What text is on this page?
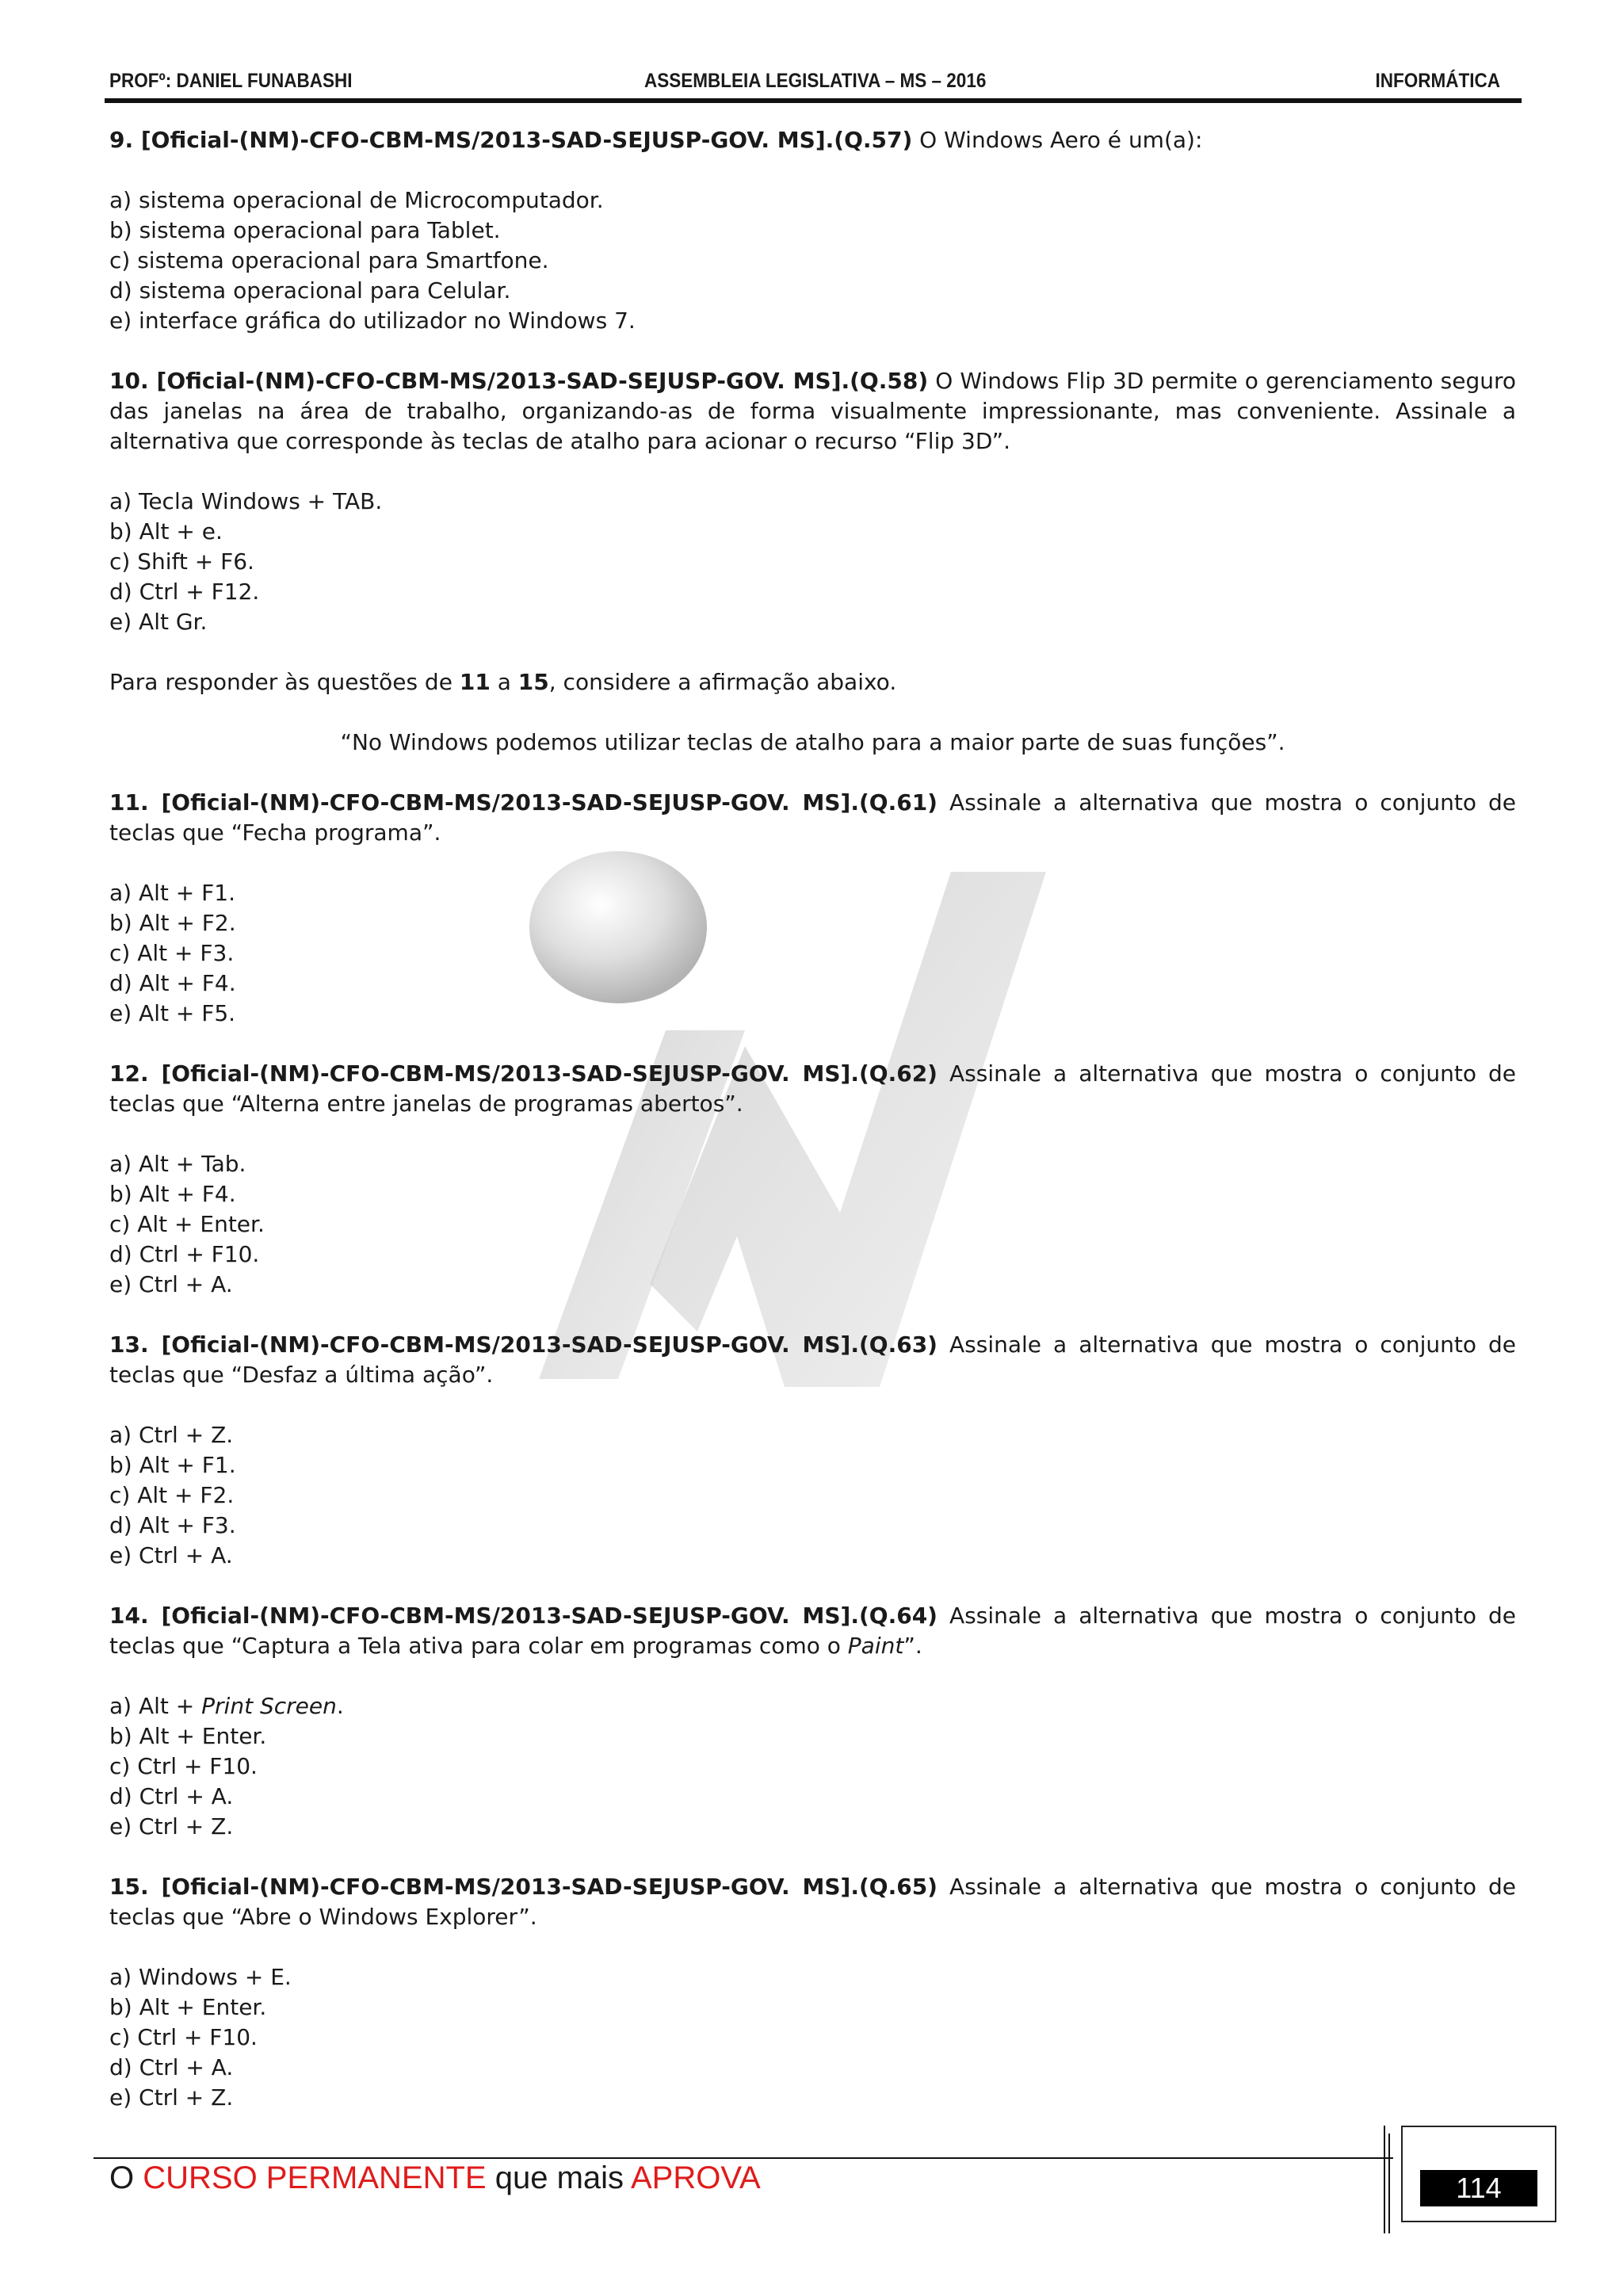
PROFº: DANIEL FUNABASHI	ASSEMBLEIA LEGISLATIVA – MS – 2016	INFORMÁTICA

9. [Oficial-(NM)-CFO-CBM-MS/2013-SAD-SEJUSP-GOV. MS].(Q.57) O Windows Aero é um(a):

a) sistema operacional de Microcomputador.
b) sistema operacional para Tablet.
c) sistema operacional para Smartfone.
d) sistema operacional para Celular.
e) interface gráfica do utilizador no Windows 7.

10. [Oficial-(NM)-CFO-CBM-MS/2013-SAD-SEJUSP-GOV. MS].(Q.58) O Windows Flip 3D permite o gerenciamento seguro das janelas na área de trabalho, organizando-as de forma visualmente impressionante, mas conveniente. Assinale a alternativa que corresponde às teclas de atalho para acionar o recurso “Flip 3D”.

a) Tecla Windows + TAB.
b) Alt + e.
c) Shift + F6.
d) Ctrl + F12.
e) Alt Gr.

Para responder às questões de 11 a 15, considere a afirmação abaixo.

“No Windows podemos utilizar teclas de atalho para a maior parte de suas funções”.

11. [Oficial-(NM)-CFO-CBM-MS/2013-SAD-SEJUSP-GOV. MS].(Q.61) Assinale a alternativa que mostra o conjunto de teclas que “Fecha programa”.

a) Alt + F1.
b) Alt + F2.
c) Alt + F3.
d) Alt + F4.
e) Alt + F5.

12. [Oficial-(NM)-CFO-CBM-MS/2013-SAD-SEJUSP-GOV. MS].(Q.62) Assinale a alternativa que mostra o conjunto de teclas que “Alterna entre janelas de programas abertos”.

a) Alt + Tab.
b) Alt + F4.
c) Alt + Enter.
d) Ctrl + F10.
e) Ctrl + A.

13. [Oficial-(NM)-CFO-CBM-MS/2013-SAD-SEJUSP-GOV. MS].(Q.63) Assinale a alternativa que mostra o conjunto de teclas que “Desfaz a última ação”.

a) Ctrl + Z.
b) Alt + F1.
c) Alt + F2.
d) Alt + F3.
e) Ctrl + A.

14. [Oficial-(NM)-CFO-CBM-MS/2013-SAD-SEJUSP-GOV. MS].(Q.64) Assinale a alternativa que mostra o conjunto de teclas que “Captura a Tela ativa para colar em programas como o Paint”.

a) Alt + Print Screen.
b) Alt + Enter.
c) Ctrl + F10.
d) Ctrl + A.
e) Ctrl + Z.

15. [Oficial-(NM)-CFO-CBM-MS/2013-SAD-SEJUSP-GOV. MS].(Q.65) Assinale a alternativa que mostra o conjunto de teclas que “Abre o Windows Explorer”.

a) Windows + E.
b) Alt + Enter.
c) Ctrl + F10.
d) Ctrl + A.
e) Ctrl + Z.
O CURSO PERMANENTE que mais APROVA	114
